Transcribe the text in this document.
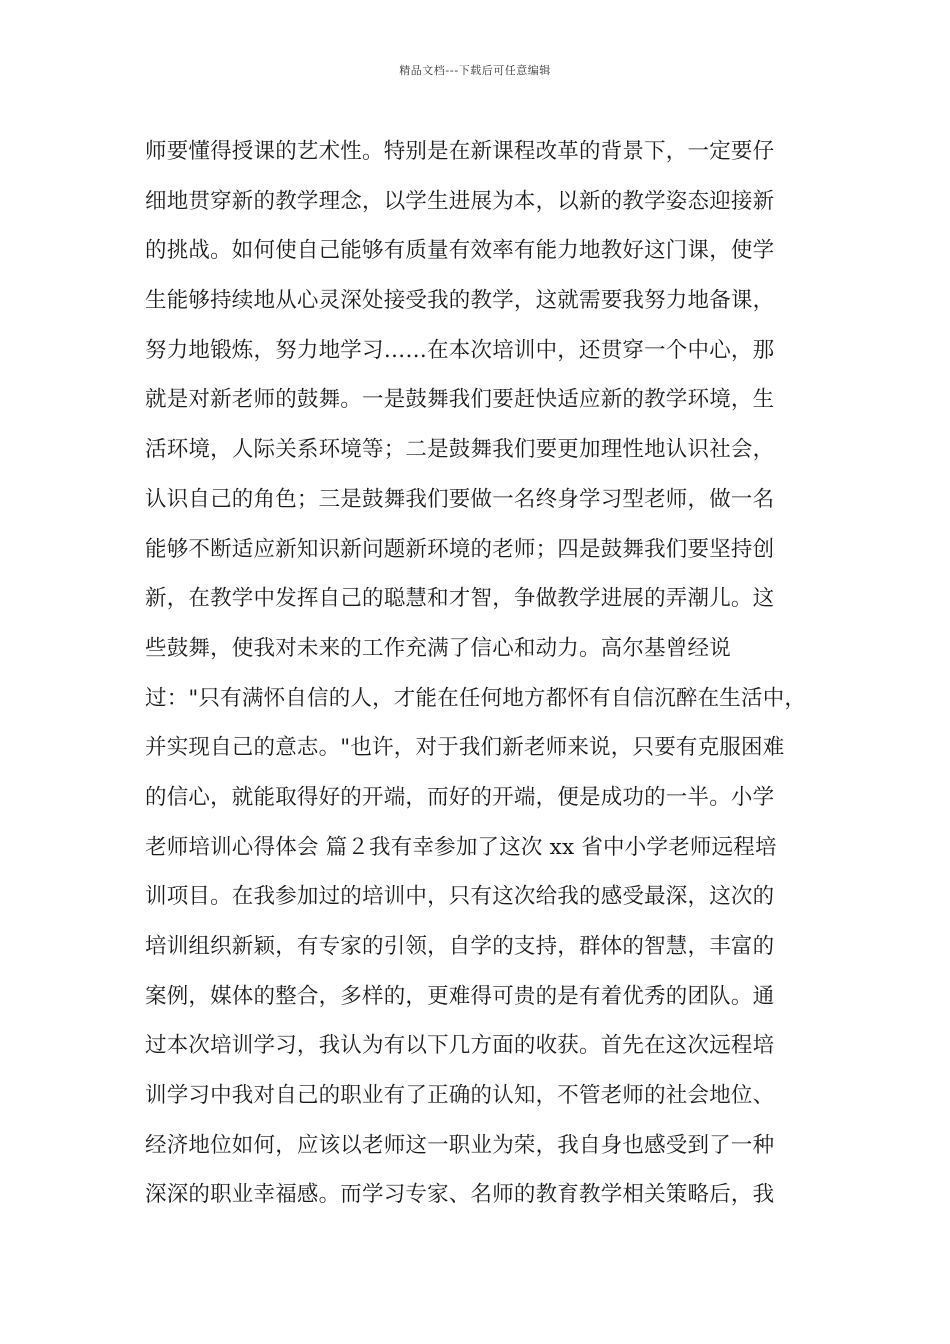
精品文档---下载后可任意编辑
师要懂得授课的艺术性。特别是在新课程改革的背景下，一定要仔
细地贯穿新的教学理念，以学生进展为本，以新的教学姿态迎接新
的挑战。如何使自己能够有质量有效率有能力地教好这门课，使学
生能够持续地从心灵深处接受我的教学，这就需要我努力地备课，
努力地锻炼，努力地学习……在本次培训中，还贯穿一个中心，那
就是对新老师的鼓舞。一是鼓舞我们要赶快适应新的教学环境，生
活环境，人际关系环境等；二是鼓舞我们要更加理性地认识社会，
认识自己的角色；三是鼓舞我们要做一名终身学习型老师，做一名
能够不断适应新知识新问题新环境的老师；四是鼓舞我们要坚持创
新，在教学中发挥自己的聪慧和才智，争做教学进展的弄潮儿。这
些鼓舞，使我对未来的工作充满了信心和动力。高尔基曾经说
过："只有满怀自信的人，才能在任何地方都怀有自信沉醉在生活中，
并实现自己的意志。"也许，对于我们新老师来说，只要有克服困难
的信心，就能取得好的开端，而好的开端，便是成功的一半。小学
老师培训心得体会 篇２我有幸参加了这次 xx 省中小学老师远程培
训项目。在我参加过的培训中，只有这次给我的感受最深，这次的
培训组织新颖，有专家的引领，自学的支持，群体的智慧，丰富的
案例，媒体的整合，多样的，更难得可贵的是有着优秀的团队。通
过本次培训学习，我认为有以下几方面的收获。首先在这次远程培
训学习中我对自己的职业有了正确的认知，不管老师的社会地位、
经济地位如何，应该以老师这一职业为荣，我自身也感受到了一种
深深的职业幸福感。而学习专家、名师的教育教学相关策略后，我
